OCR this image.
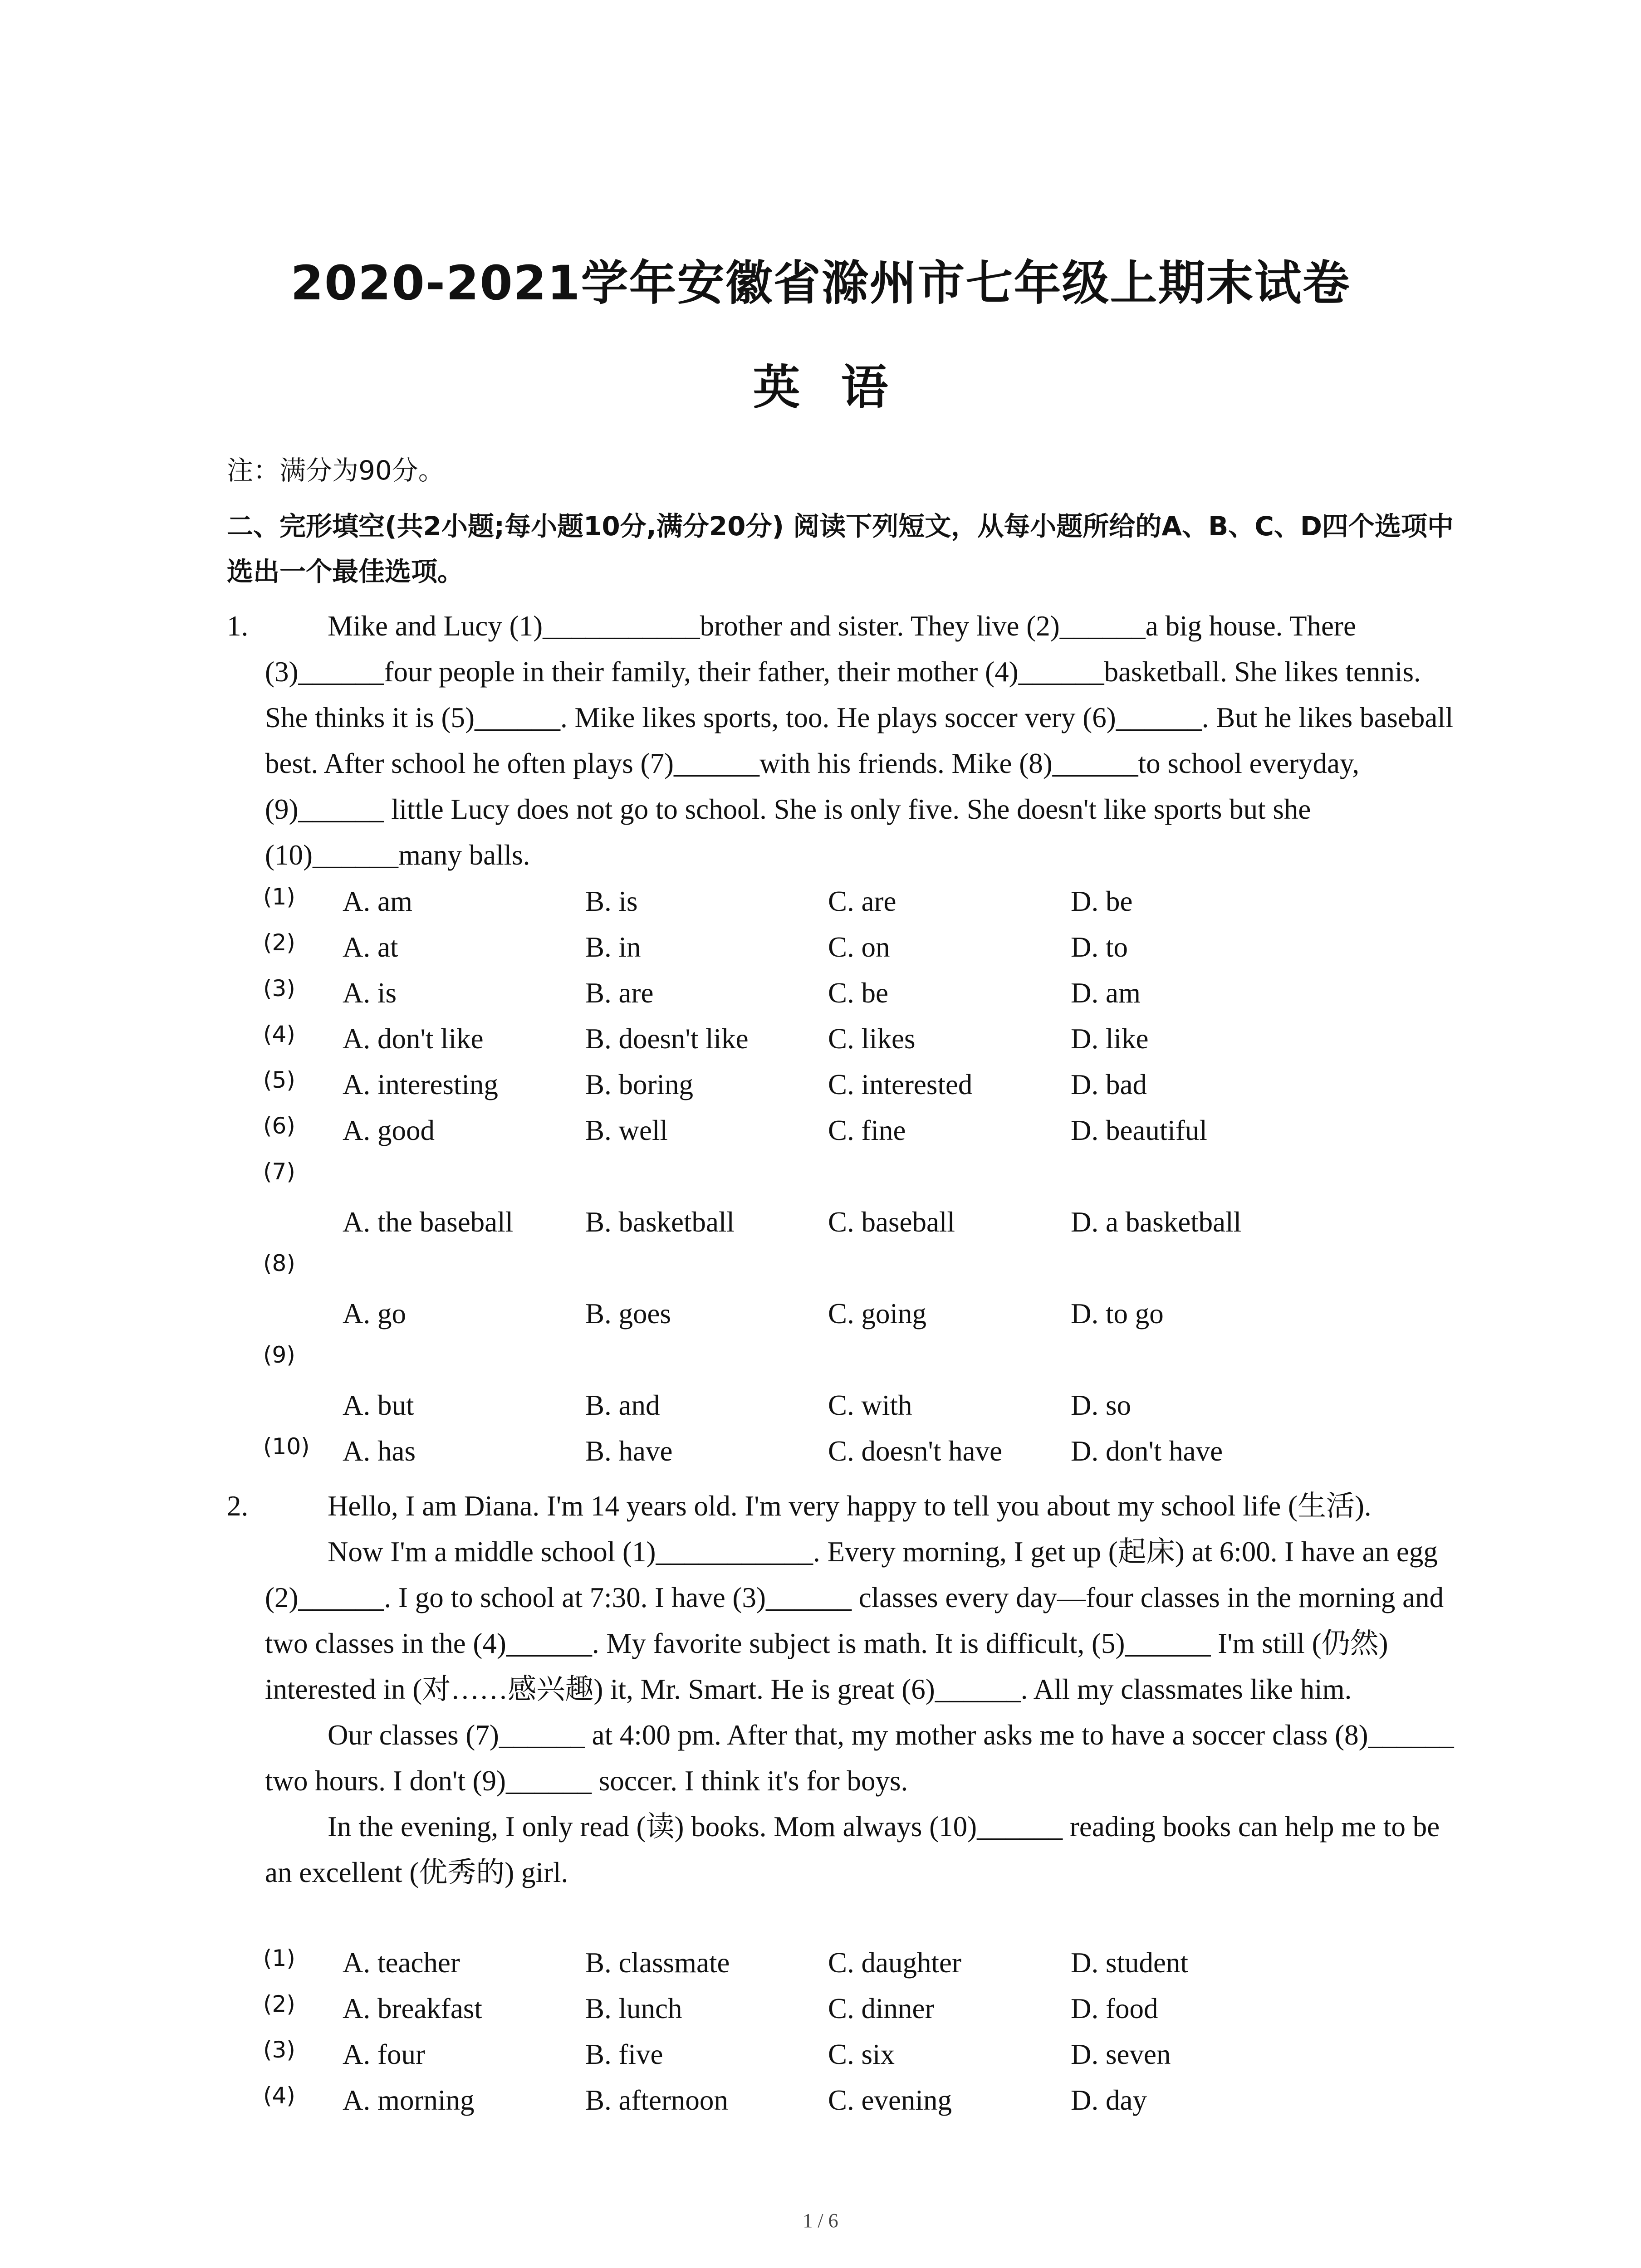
2020-2021学年安徽省滁州市七年级上期末试卷
英语
注：满分为90分。
二、完形填空(共2小题;每小题10分,满分20分) 阅读下列短文，从每小题所给的A、B、C、D四个选项中选出一个最佳选项。
1.	Mike and Lucy (1)___________brother and sister. They live (2)______a big house. There (3)______four people in their family, their father, their mother (4)______basketball. She likes tennis. She thinks it is (5)______. Mike likes sports, too. He plays soccer very (6)______. But he likes baseball best. After school he often plays (7)______with his friends. Mike (8)______to school everyday, (9)______ little Lucy does not go to school. She is only five. She doesn't like sports but she (10)______many balls.
(1) A. am	B. is	C. are	D. be
(2) A. at	B. in	C. on	D. to
(3) A. is	B. are	C. be	D. am
(4) A. don't like	B. doesn't like	C. likes	D. like
(5) A. interesting	B. boring	C. interested	D. bad
(6) A. good	B. well	C. fine	D. beautiful
(7)
A. the baseball	B. basketball	C. baseball	D. a basketball
(8)
A. go	B. goes	C. going	D. to go
(9)
A. but	B. and	C. with	D. so
(10) A. has	B. have	C. doesn't have D. don't have
2.	Hello, I am Diana. I'm 14 years old. I'm very happy to tell you about my school life (生活).
Now I'm a middle school (1)___________. Every morning, I get up (起床) at 6:00. I have an egg (2)______. I go to school at 7:30. I have (3)______ classes every day—four classes in the morning and two classes in the (4)______. My favorite subject is math. It is difficult, (5)______ I'm still (仍然) interested in (对……感兴趣) it, Mr. Smart. He is great (6)______. All my classmates like him.
Our classes (7)______ at 4:00 pm. After that, my mother asks me to have a soccer class (8)______ two hours. I don't (9)______ soccer. I think it's for boys.
In the evening, I only read (读) books. Mom always (10)______ reading books can help me to be an excellent (优秀的) girl.
(1) A. teacher	B. classmate	C. daughter	D. student
(2) A. breakfast	B. lunch	C. dinner	D. food
(3) A. four	B. five	C. six	D. seven
(4) A. morning	B. afternoon	C. evening	D. day
1 / 6
